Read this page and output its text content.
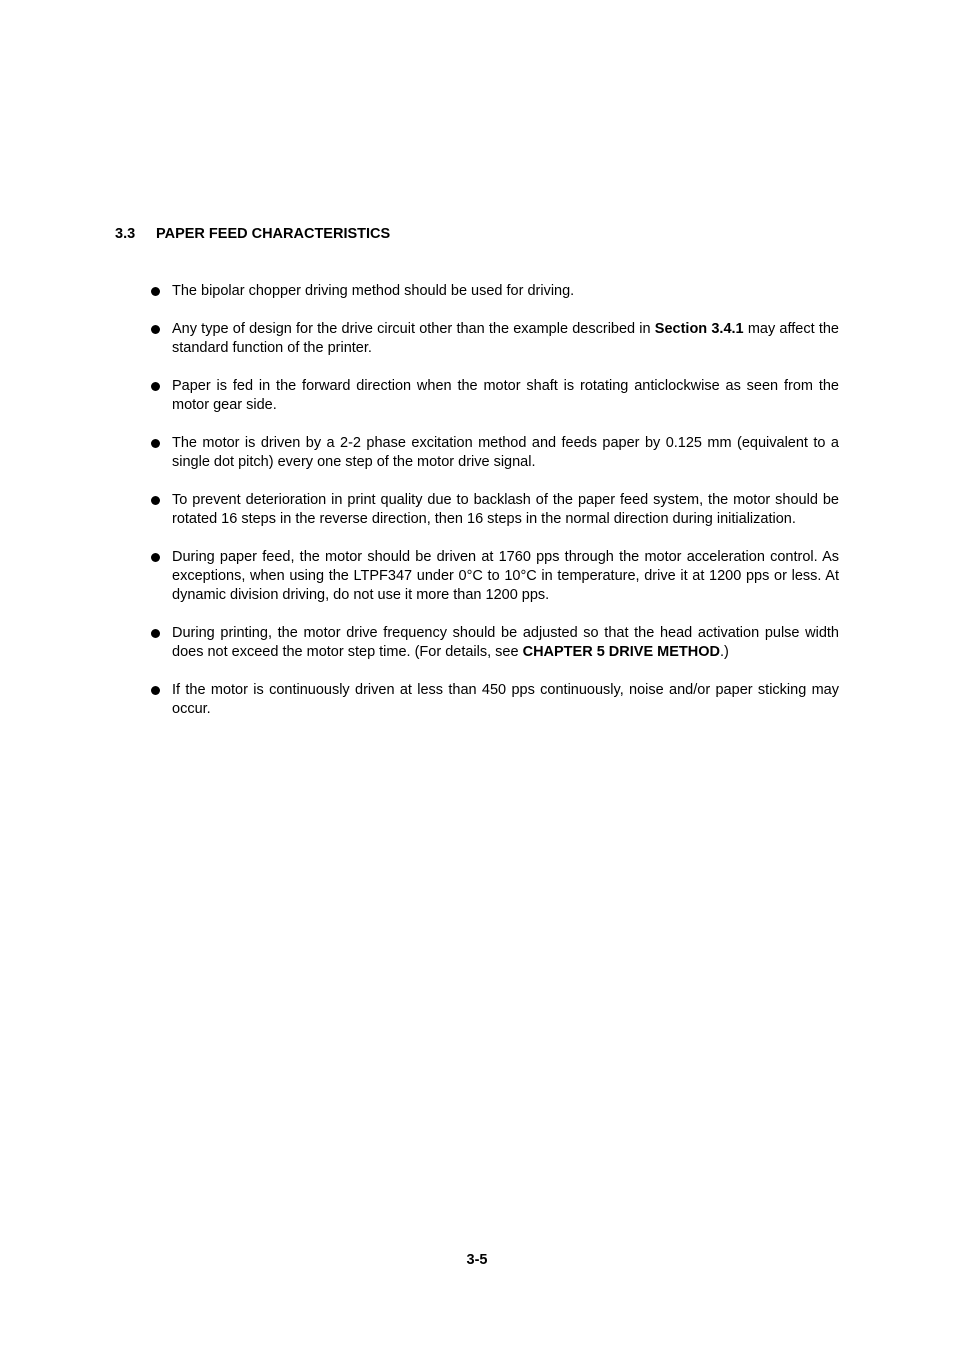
3.3 PAPER FEED CHARACTERISTICS
The bipolar chopper driving method should be used for driving.
Any type of design for the drive circuit other than the example described in Section 3.4.1 may affect the standard function of the printer.
Paper is fed in the forward direction when the motor shaft is rotating anticlockwise as seen from the motor gear side.
The motor is driven by a 2-2 phase excitation method and feeds paper by 0.125 mm (equivalent to a single dot pitch) every one step of the motor drive signal.
To prevent deterioration in print quality due to backlash of the paper feed system, the motor should be rotated 16 steps in the reverse direction, then 16 steps in the normal direction during initialization.
During paper feed, the motor should be driven at 1760 pps through the motor acceleration control. As exceptions, when using the LTPF347 under 0°C to 10°C in temperature, drive it at 1200 pps or less. At dynamic division driving, do not use it more than 1200 pps.
During printing, the motor drive frequency should be adjusted so that the head activation pulse width does not exceed the motor step time. (For details, see CHAPTER 5 DRIVE METHOD.)
If the motor is continuously driven at less than 450 pps continuously, noise and/or paper sticking may occur.
3-5
